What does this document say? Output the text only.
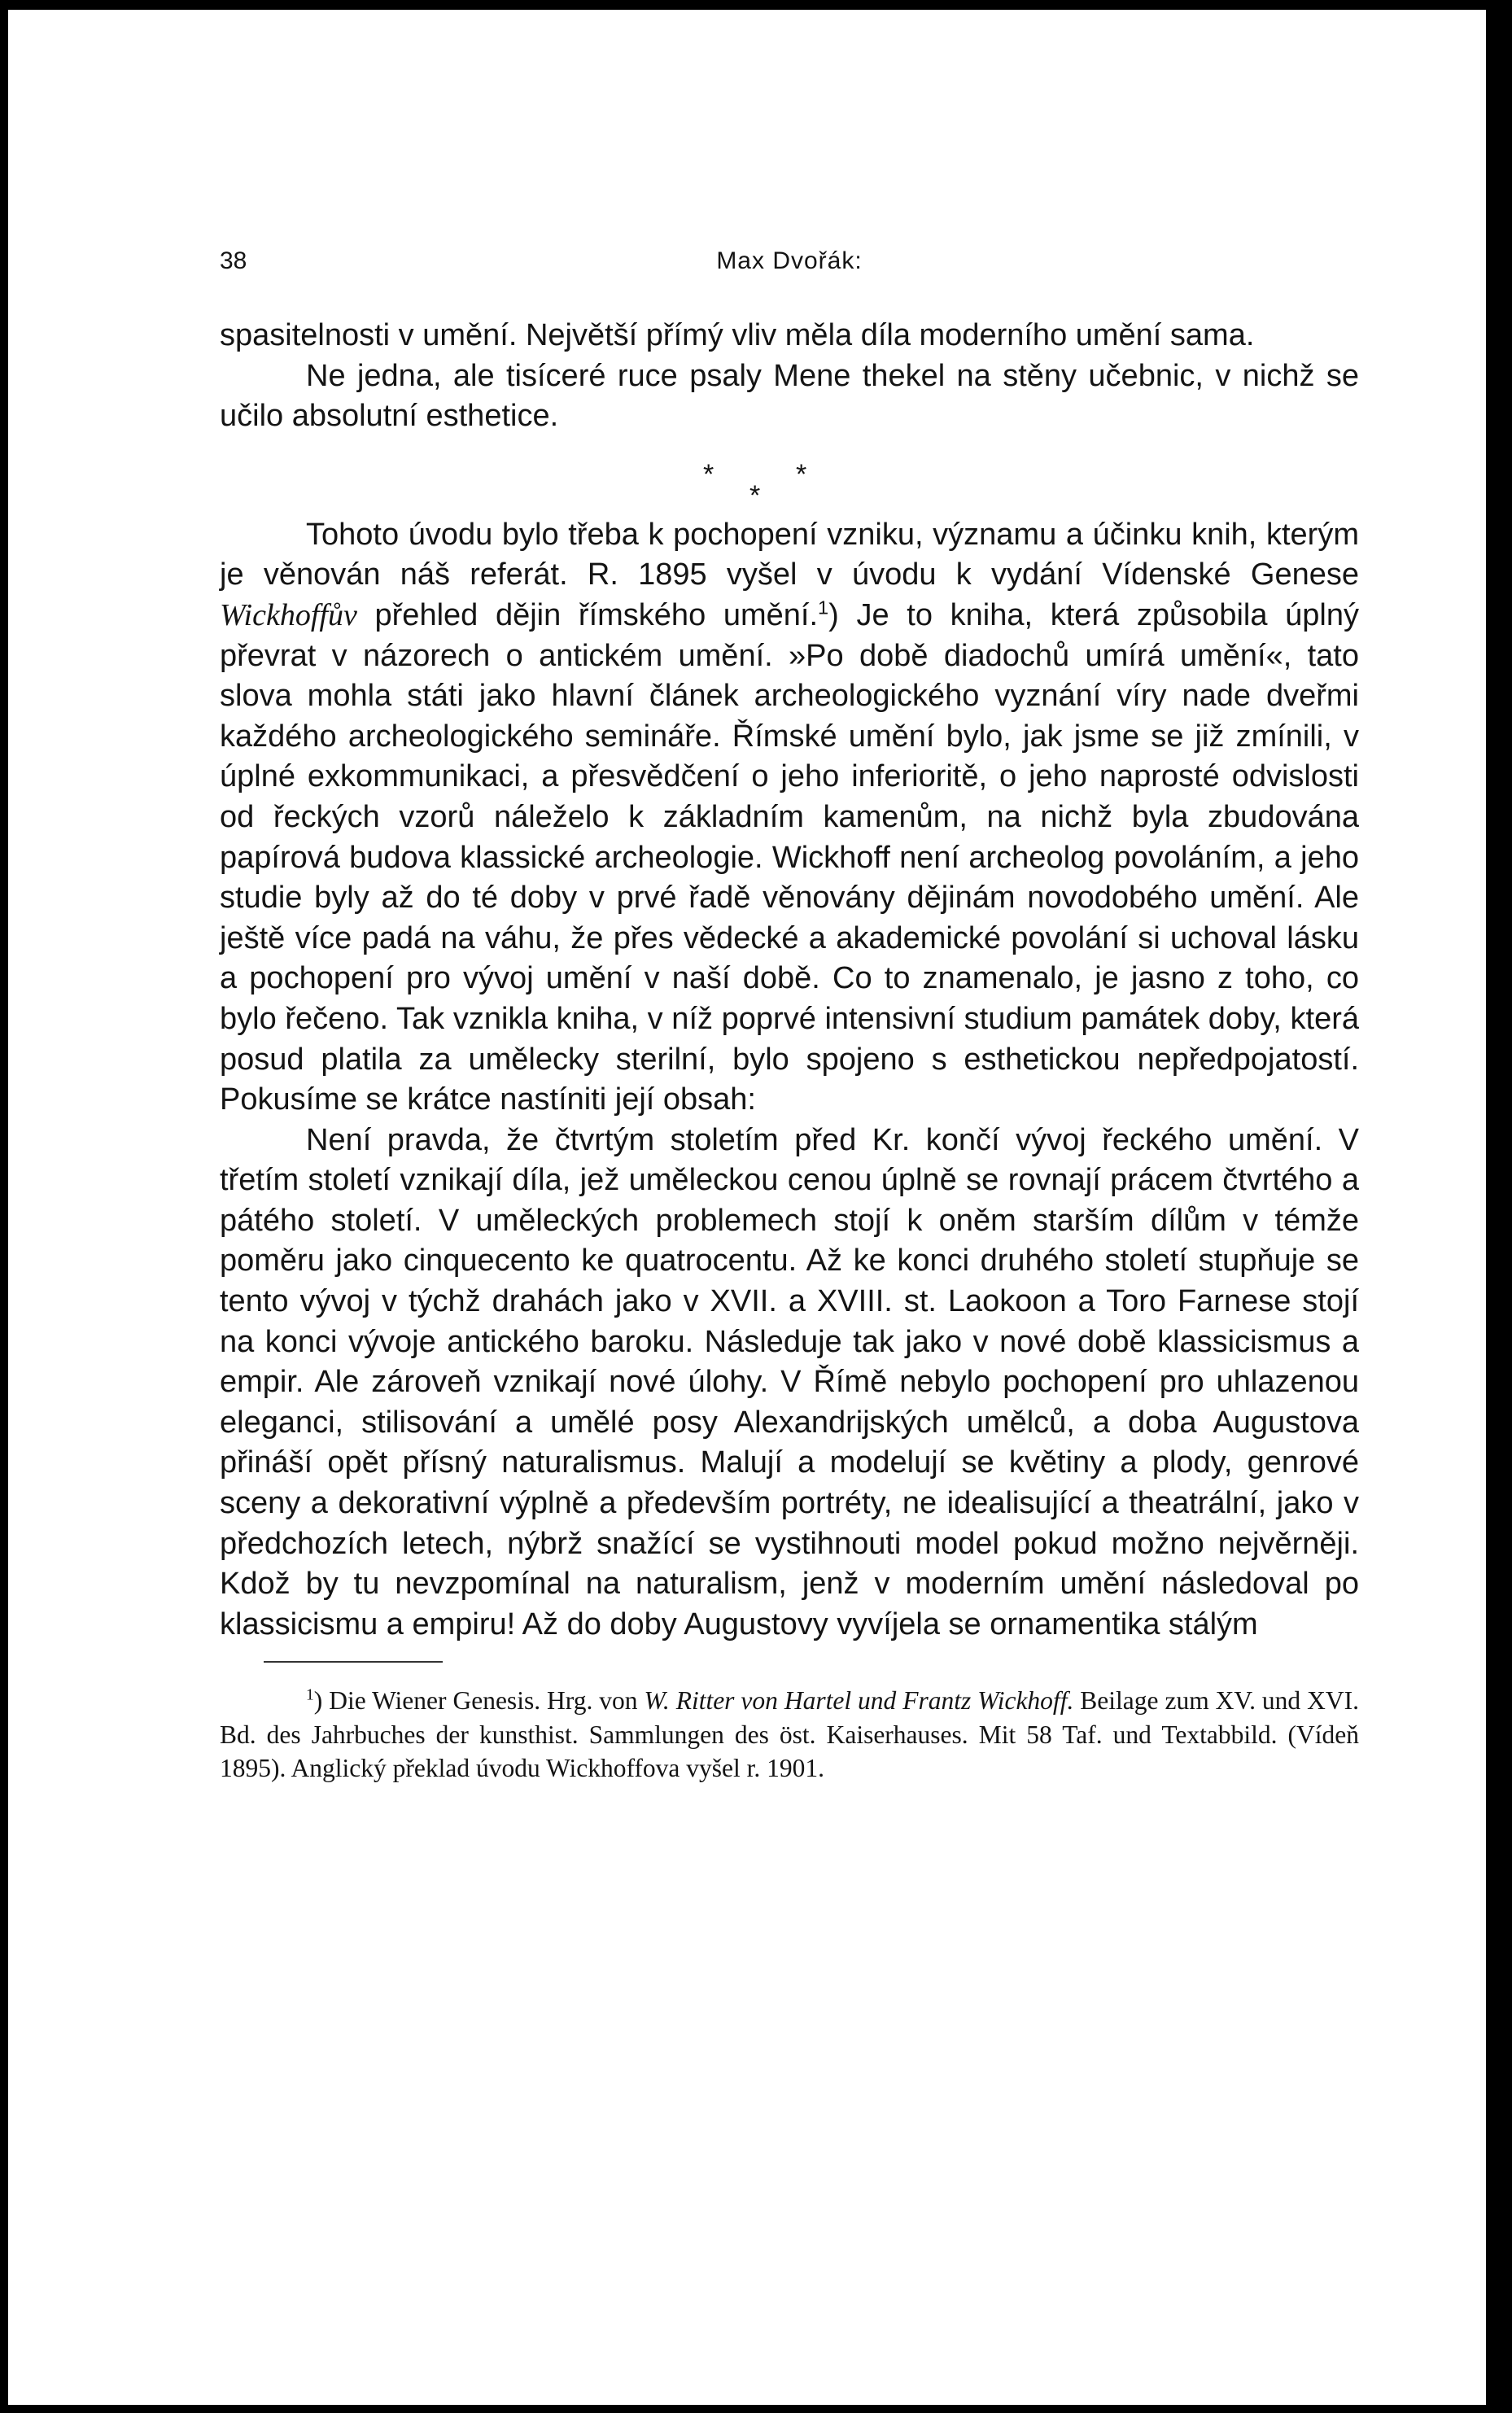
Max Dvořák:
38

spasitelnosti v umění. Největší přímý vliv měla díla moderního umění sama.

Ne jedna, ale tisíceré ruce psaly Mene thekel na stěny učebnic, v nichž se učilo absolutní esthetice.

*	*
*

Tohoto úvodu bylo třeba k pochopení vzniku, významu a účinku knih, kterým je věnován náš referát. R. 1895 vyšel v úvodu k vydání Vídenské Genese Wickhoffův přehled dějin římského umění.$^1$) Je to kniha, která způsobila úplný převrat v názorech o antickém umění. »Po době diadochů umírá umění«, tato slova mohla státi jako hlavní článek archeologického vyznání víry nade dveřmi každého archeologického semináře. Římské umění bylo, jak jsme se již zmínili, v úplné exkommunikaci, a přesvědčení o jeho inferioritě, o jeho naprosté odvislosti od řeckých vzorů náleželo k základním kamenům, na nichž byla zbudována papírová budova klassické archeologie. Wickhoff není archeolog povoláním, a jeho studie byly až do té doby v prvé řadě věnovány dějinám novodobého umění. Ale ještě více padá na váhu, že přes vědecké a akademické povolání si uchoval lásku a pochopení pro vývoj umění v naší době. Co to znamenalo, je jasno z toho, co bylo řečeno. Tak vznikla kniha, v níž poprvé intensivní studium památek doby, která posud platila za umělecky sterilní, bylo spojeno s esthetickou nepředpojatostí. Pokusíme se krátce nastíniti její obsah:

Není pravda, že čtvrtým stoletím před Kr. končí vývoj řeckého umění. V třetím století vznikají díla, jež uměleckou cenou úplně se rovnají prácem čtvrtého a pátého století. V uměleckých problemech stojí k oněm starším dílům v témže poměru jako cinquecento ke quatrocentu. Až ke konci druhého století stupňuje se tento vývoj v týchž drahách jako v XVII. a XVIII. st. Laokoon a Toro Farnese stojí na konci vývoje antického baroku. Následuje tak jako v nové době klassicismus a empir. Ale zároveň vznikají nové úlohy. V Římě nebylo pochopení pro uhlazenou eleganci, stilisování a umělé posy Alexandrijských umělců, a doba Augustova přináší opět přísný naturalismus. Malují a modelují se květiny a plody, genrové sceny a dekorativní výplně a především portréty, ne idealisující a theatrální, jako v předchozích letech, nýbrž snažící se vystihnouti model pokud možno nejvěrněji. Kdož by tu nevzpomínal na naturalism, jenž v moderním umění následoval po klassicismu a empiru! Až do doby Augustovy vyvíjela se ornamentika stálým

$^1$) Die Wiener Genesis. Hrg. von W. Ritter von Hartel und Frantz Wickhoff. Beilage zum XV. und XVI. Bd. des Jahrbuches der kunsthist. Sammlungen des öst. Kaiserhauses. Mit 58 Taf. und Textabbild. (Vídeň 1895). Anglický překlad úvodu Wickhoffova vyšel r. 1901.
